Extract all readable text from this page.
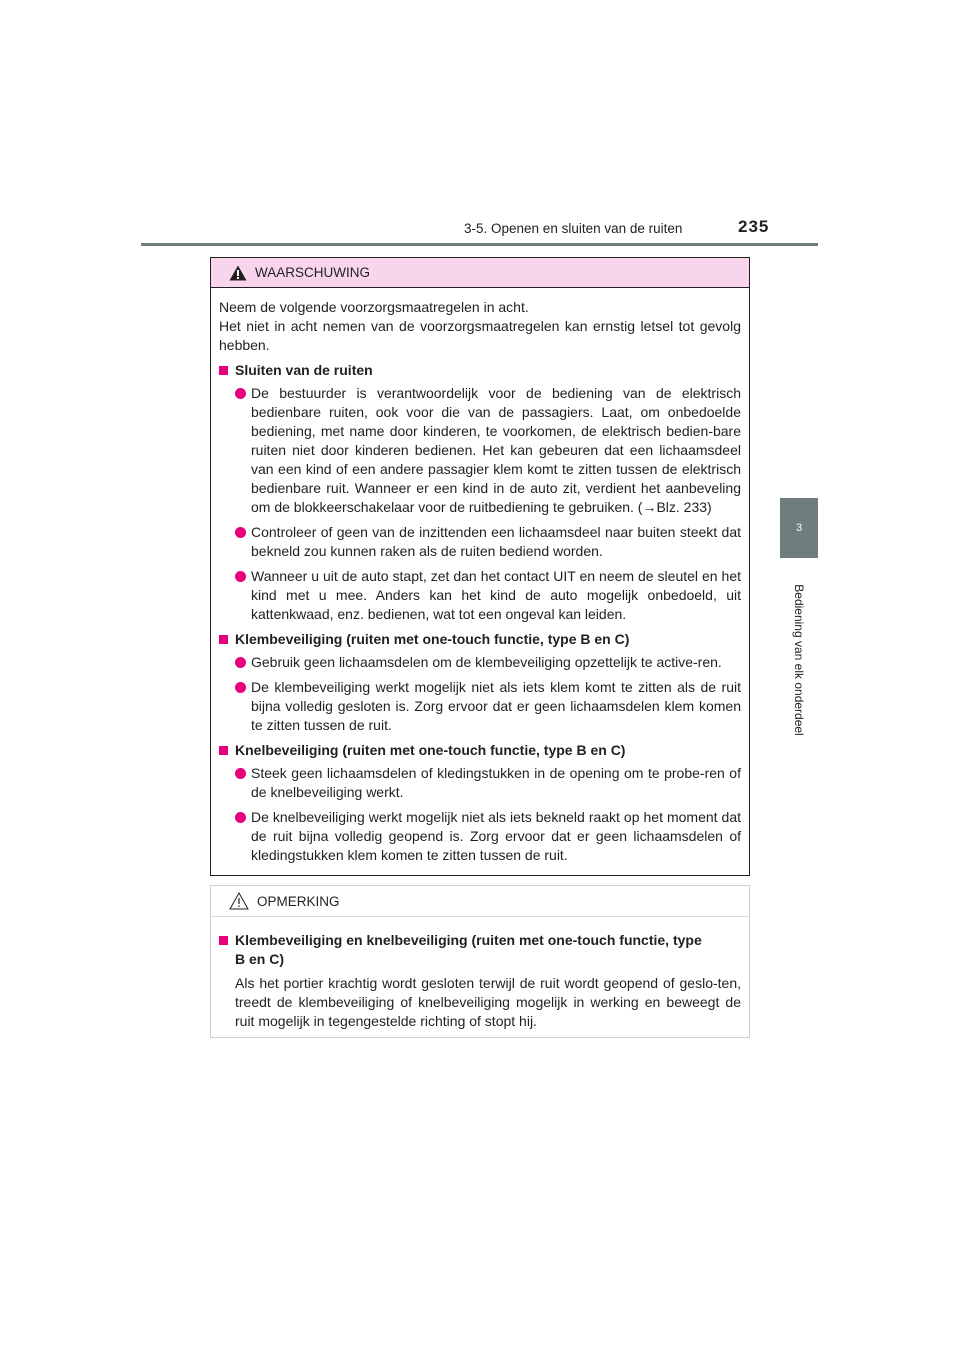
3-5. Openen en sluiten van de ruiten	235
3
Bediening van elk onderdeel
WAARSCHUWING

Neem de volgende voorzorgsmaatregelen in acht.

Het niet in acht nemen van de voorzorgsmaatregelen kan ernstig letsel tot gevolg hebben.

Sluiten van de ruiten
De bestuurder is verantwoordelijk voor de bediening van de elektrisch bedienbare ruiten, ook voor die van de passagiers. Laat, om onbedoelde bediening, met name door kinderen, te voorkomen, de elektrisch bedien-bare ruiten niet door kinderen bedienen. Het kan gebeuren dat een lichaamsdeel van een kind of een andere passagier klem komt te zitten tussen de elektrisch bedienbare ruit. Wanneer er een kind in de auto zit, verdient het aanbeveling om de blokkeerschakelaar voor de ruitbediening te gebruiken. (→Blz. 233)
Controleer of geen van de inzittenden een lichaamsdeel naar buiten steekt dat bekneld zou kunnen raken als de ruiten bediend worden.
Wanneer u uit de auto stapt, zet dan het contact UIT en neem de sleutel en het kind met u mee. Anders kan het kind de auto mogelijk onbedoeld, uit kattenkwaad, enz. bedienen, wat tot een ongeval kan leiden.
Klembeveiliging (ruiten met one-touch functie, type B en C)
Gebruik geen lichaamsdelen om de klembeveiliging opzettelijk te active-ren.
De klembeveiliging werkt mogelijk niet als iets klem komt te zitten als de ruit bijna volledig gesloten is. Zorg ervoor dat er geen lichaamsdelen klem komen te zitten tussen de ruit.
Knelbeveiliging (ruiten met one-touch functie, type B en C)
Steek geen lichaamsdelen of kledingstukken in de opening om te probe-ren of de knelbeveiliging werkt.
De knelbeveiliging werkt mogelijk niet als iets bekneld raakt op het moment dat de ruit bijna volledig geopend is. Zorg ervoor dat er geen lichaamsdelen of kledingstukken klem komen te zitten tussen de ruit.
OPMERKING
Klembeveiliging en knelbeveiliging (ruiten met one-touch functie, type
B en C)
Als het portier krachtig wordt gesloten terwijl de ruit wordt geopend of geslo-ten, treedt de klembeveiliging of knelbeveiliging mogelijk in werking en beweegt de ruit mogelijk in tegengestelde richting of stopt hij.
